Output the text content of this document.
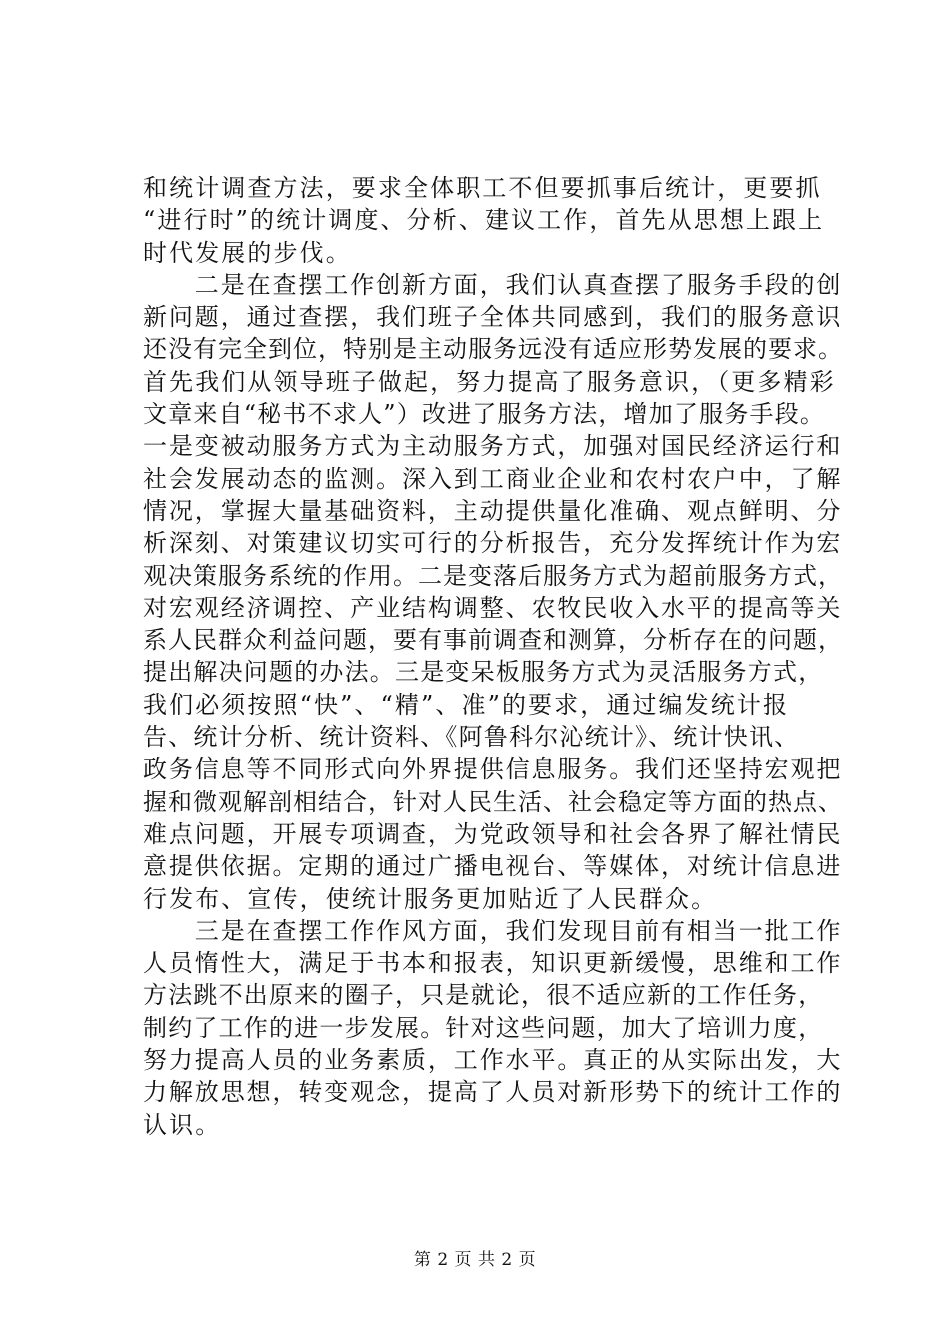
和统计调查方法，要求全体职工不但要抓事后统计，更要抓
“进行时”的统计调度、分析、建议工作，首先从思想上跟上
时代发展的步伐。
　　二是在查摆工作创新方面，我们认真查摆了服务手段的创
新问题，通过查摆，我们班子全体共同感到，我们的服务意识
还没有完全到位，特别是主动服务远没有适应形势发展的要求。
首先我们从领导班子做起，努力提高了服务意识，（更多精彩
文章来自“秘书不求人”）改进了服务方法，增加了服务手段。
一是变被动服务方式为主动服务方式，加强对国民经济运行和
社会发展动态的监测。深入到工商业企业和农村农户中，了解
情况，掌握大量基础资料，主动提供量化准确、观点鲜明、分
析深刻、对策建议切实可行的分析报告，充分发挥统计作为宏
观决策服务系统的作用。二是变落后服务方式为超前服务方式，
对宏观经济调控、产业结构调整、农牧民收入水平的提高等关
系人民群众利益问题，要有事前调查和测算，分析存在的问题，
提出解决问题的办法。三是变呆板服务方式为灵活服务方式，
我们必须按照“快”、“精”、准”的要求，通过编发统计报
告、统计分析、统计资料、《阿鲁科尔沁统计》、统计快讯、
政务信息等不同形式向外界提供信息服务。我们还坚持宏观把
握和微观解剖相结合，针对人民生活、社会稳定等方面的热点、
难点问题，开展专项调查，为党政领导和社会各界了解社情民
意提供依据。定期的通过广播电视台、等媒体，对统计信息进
行发布、宣传，使统计服务更加贴近了人民群众。
　　三是在查摆工作作风方面，我们发现目前有相当一批工作
人员惰性大，满足于书本和报表，知识更新缓慢，思维和工作
方法跳不出原来的圈子，只是就论，很不适应新的工作任务，
制约了工作的进一步发展。针对这些问题，加大了培训力度，
努力提高人员的业务素质，工作水平。真正的从实际出发，大
力解放思想，转变观念，提高了人员对新形势下的统计工作的
认识。
第 2 页 共 2 页
